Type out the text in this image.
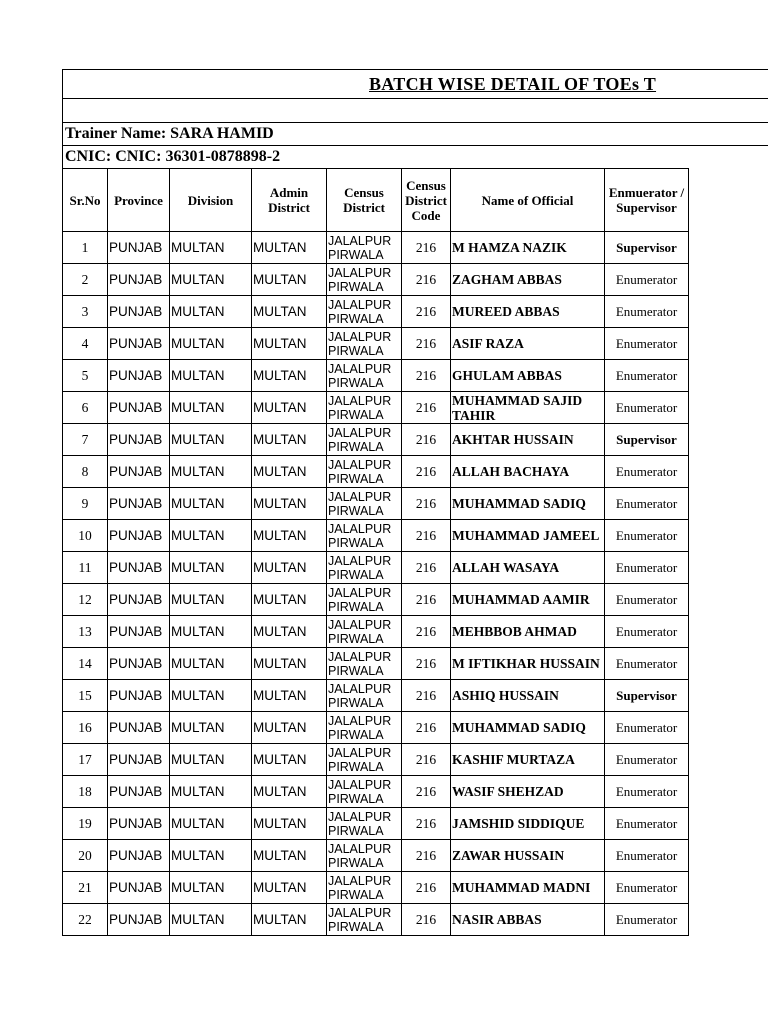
BATCH WISE DETAIL OF TOEs T
Trainer Name: SARA HAMID
CNIC: CNIC: 36301-0878898-2
Sr.No	Province	Division	Admin District	Census District	Census District Code	Name of Official	Enmuerator / Supervisor
1	PUNJAB	MULTAN	MULTAN	JALALPUR PIRWALA	216	M HAMZA NAZIK	Supervisor
2	PUNJAB	MULTAN	MULTAN	JALALPUR PIRWALA	216	ZAGHAM ABBAS	Enumerator
3	PUNJAB	MULTAN	MULTAN	JALALPUR PIRWALA	216	MUREED ABBAS	Enumerator
4	PUNJAB	MULTAN	MULTAN	JALALPUR PIRWALA	216	ASIF RAZA	Enumerator
5	PUNJAB	MULTAN	MULTAN	JALALPUR PIRWALA	216	GHULAM ABBAS	Enumerator
6	PUNJAB	MULTAN	MULTAN	JALALPUR PIRWALA	216	MUHAMMAD SAJID TAHIR	Enumerator
7	PUNJAB	MULTAN	MULTAN	JALALPUR PIRWALA	216	AKHTAR HUSSAIN	Supervisor
8	PUNJAB	MULTAN	MULTAN	JALALPUR PIRWALA	216	ALLAH BACHAYA	Enumerator
9	PUNJAB	MULTAN	MULTAN	JALALPUR PIRWALA	216	MUHAMMAD SADIQ	Enumerator
10	PUNJAB	MULTAN	MULTAN	JALALPUR PIRWALA	216	MUHAMMAD JAMEEL	Enumerator
11	PUNJAB	MULTAN	MULTAN	JALALPUR PIRWALA	216	ALLAH WASAYA	Enumerator
12	PUNJAB	MULTAN	MULTAN	JALALPUR PIRWALA	216	MUHAMMAD AAMIR	Enumerator
13	PUNJAB	MULTAN	MULTAN	JALALPUR PIRWALA	216	MEHBBOB AHMAD	Enumerator
14	PUNJAB	MULTAN	MULTAN	JALALPUR PIRWALA	216	M IFTIKHAR HUSSAIN	Enumerator
15	PUNJAB	MULTAN	MULTAN	JALALPUR PIRWALA	216	ASHIQ HUSSAIN	Supervisor
16	PUNJAB	MULTAN	MULTAN	JALALPUR PIRWALA	216	MUHAMMAD SADIQ	Enumerator
17	PUNJAB	MULTAN	MULTAN	JALALPUR PIRWALA	216	KASHIF MURTAZA	Enumerator
18	PUNJAB	MULTAN	MULTAN	JALALPUR PIRWALA	216	WASIF SHEHZAD	Enumerator
19	PUNJAB	MULTAN	MULTAN	JALALPUR PIRWALA	216	JAMSHID SIDDIQUE	Enumerator
20	PUNJAB	MULTAN	MULTAN	JALALPUR PIRWALA	216	ZAWAR HUSSAIN	Enumerator
21	PUNJAB	MULTAN	MULTAN	JALALPUR PIRWALA	216	MUHAMMAD MADNI	Enumerator
22	PUNJAB	MULTAN	MULTAN	JALALPUR PIRWALA	216	NASIR ABBAS	Enumerator
